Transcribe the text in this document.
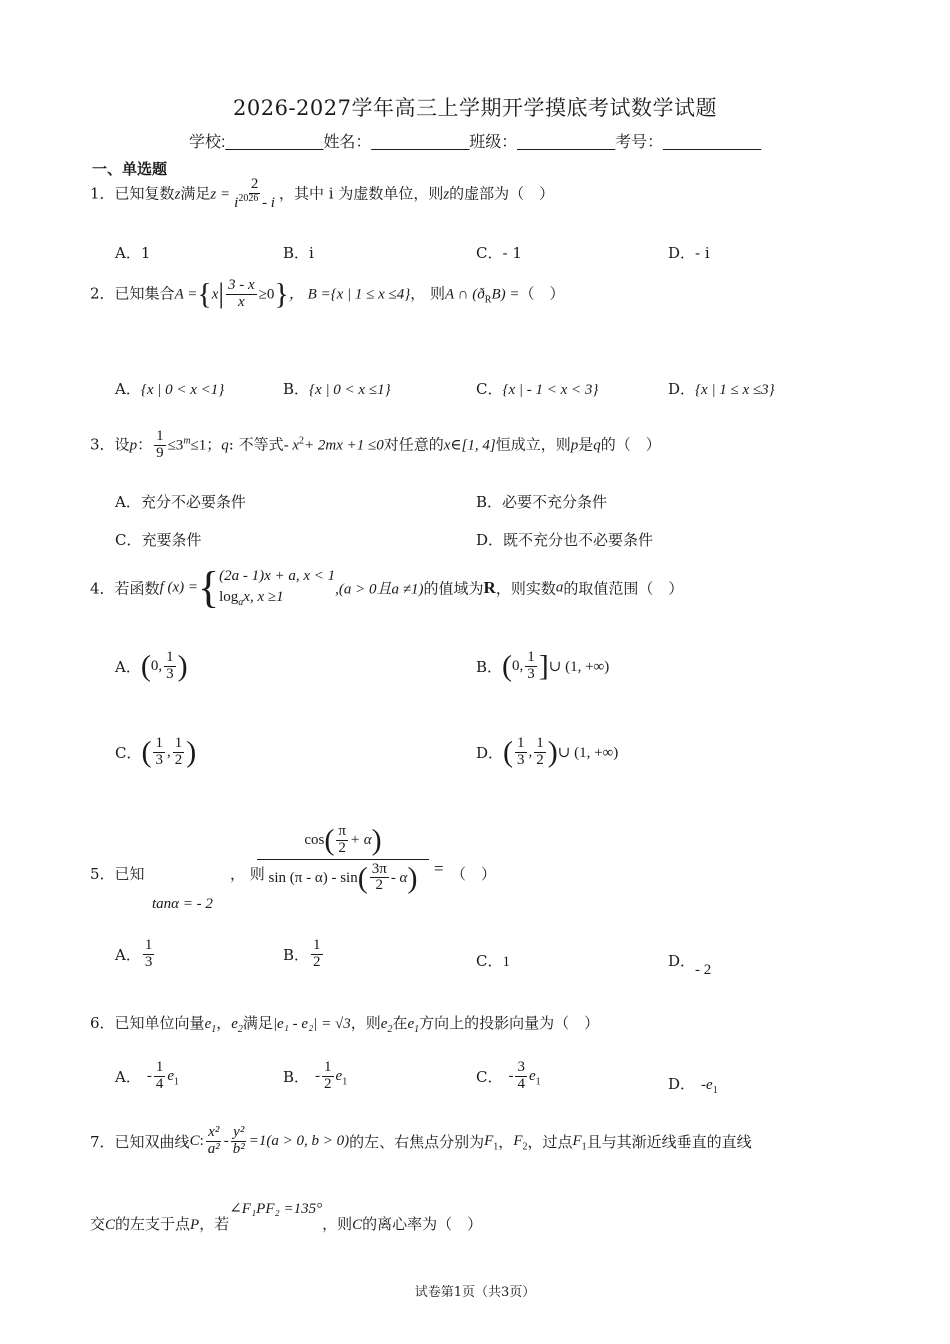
2026-2027学年高三上学期开学摸底考试数学试题
学校:___________姓名：___________班级：___________考号：___________
一、单选题
1．已知复数z满足$z = \frac{2}{i^{2026} - i}$ ，其中 i 为虚数单位，则z的虚部为（　）
A．1	B．i	C．- 1	D．- i
2．已知集合$A =\{x| \frac{3 - x}{x} \ge 0\}$， B ={x | 1 ≤ x ≤4}， 则A ∩ $(ð_RB)$ =（　）
A．{x | 0 < x <1}	B．{x | 0 < x ≤1}	C．{x | - 1 < x < 3}	D．{x | 1 ≤ x ≤3}
3．设p： $\frac{1}{9} \le 3^m\le 1$；q: 不等式- $x^2+ 2mx +1 \le 0$对任意的x∈[1, 4]恒成立，则p是q的（　）
A．充分不必要条件	B．必要不充分条件
C．充要条件	D．既不充分也不必要条件
4．若函数f (x) ={ (2a - 1)x + a, x < 1
$\log_ax$, x ≥1	,(a > 0且a ≠1)的值域为R，则实数a的取值范围（　）
A．(0, $\frac{1}{3}$ )	B．(0, $\frac{1}{3}$ ]∪ (1, +∞)
C．( $\frac{1}{3}$ , $\frac{1}{2}$ )	D．( $\frac{1}{3}$ , $\frac{1}{2}$ )∪ (1, +∞)
5．已知
tanα = - 2
， 则
$\frac{\cos( \frac{\pi}{2} + \alpha)}{\sin (\pi - \alpha) - \sin( \frac{3\pi}{2} - \alpha)}$ = （　）
A． $\frac{1}{3}$	B． $\frac{1}{2}$	C．1	D．- 2
6．已知单位向量$e_1$，$e_2$满足|e₁ - e₂| = √3，则$e_2$在$e_1$方向上的投影向量为（　）
A． - $\frac{1}{4} e_1$	B． - $\frac{1}{2} e_1$	C． - $\frac{3}{4} e_1$	D． $-e_1$
7．已知双曲线C: $\frac{\text{x²}}{\text{a²}} - \frac{\text{y²}}{\text{b²}} =1(a > 0$, b > 0)的左、右焦点分别为$F_1$，$F_2$，过点$F_1$且与其渐近线垂直的直线
交C的左支于点P，若∠F₁PF₂ =135°，则C的离心率为（　）
试卷第1页（共3页）
